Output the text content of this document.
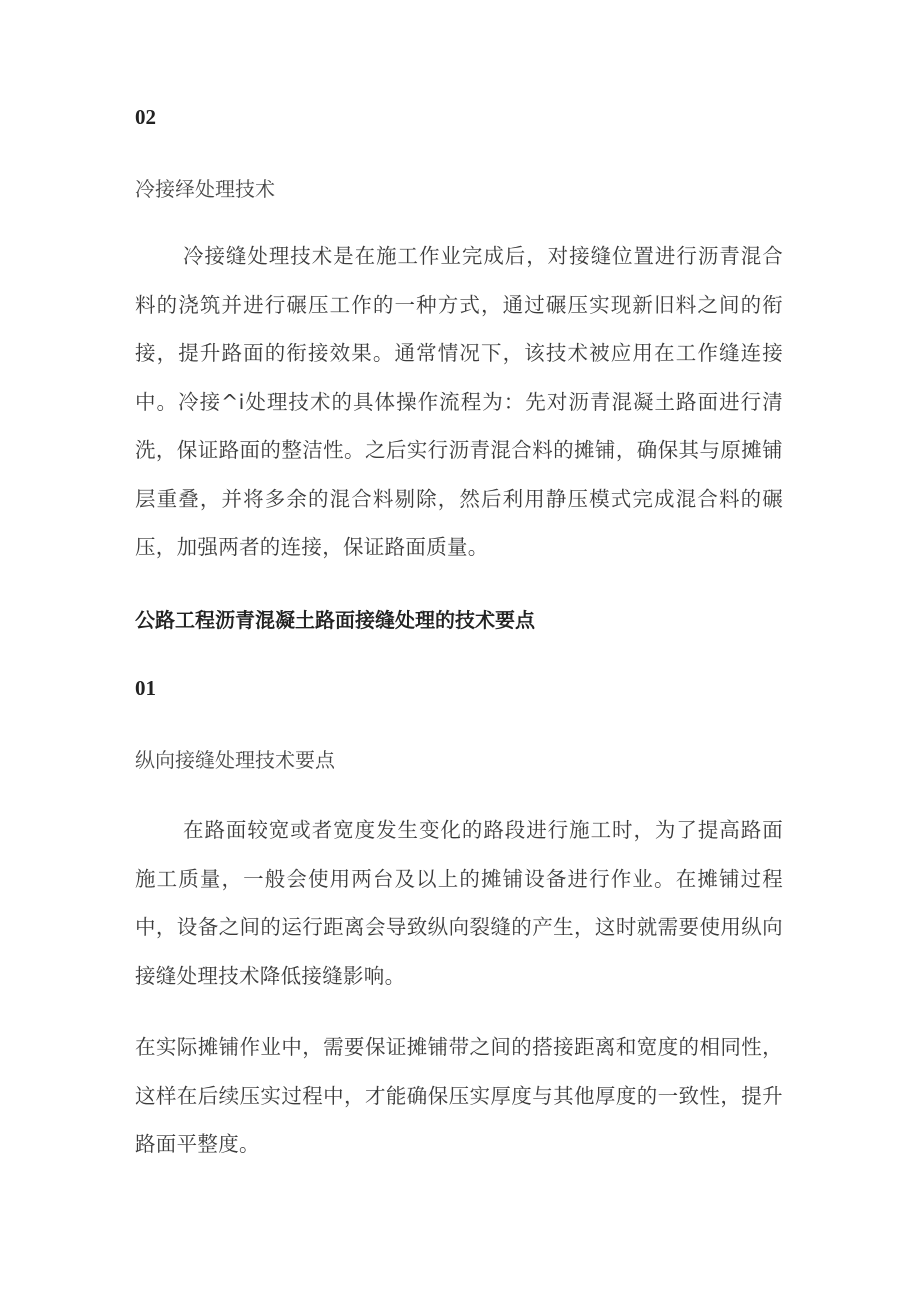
02
冷接绎处理技术
冷接缝处理技术是在施工作业完成后，对接缝位置进行沥青混合料的浇筑并进行碾压工作的一种方式，通过碾压实现新旧料之间的衔接，提升路面的衔接效果。通常情况下，该技术被应用在工作缝连接中。冷接^i处理技术的具体操作流程为：先对沥青混凝土路面进行清洗，保证路面的整洁性。之后实行沥青混合料的摊铺，确保其与原摊铺层重叠，并将多余的混合料剔除，然后利用静压模式完成混合料的碾压，加强两者的连接，保证路面质量。
公路工程沥青混凝土路面接缝处理的技术要点
01
纵向接缝处理技术要点
在路面较宽或者宽度发生变化的路段进行施工时，为了提高路面施工质量，一般会使用两台及以上的摊铺设备进行作业。在摊铺过程中，设备之间的运行距离会导致纵向裂缝的产生，这时就需要使用纵向接缝处理技术降低接缝影响。
在实际摊铺作业中，需要保证摊铺带之间的搭接距离和宽度的相同性，这样在后续压实过程中，才能确保压实厚度与其他厚度的一致性，提升路面平整度。
